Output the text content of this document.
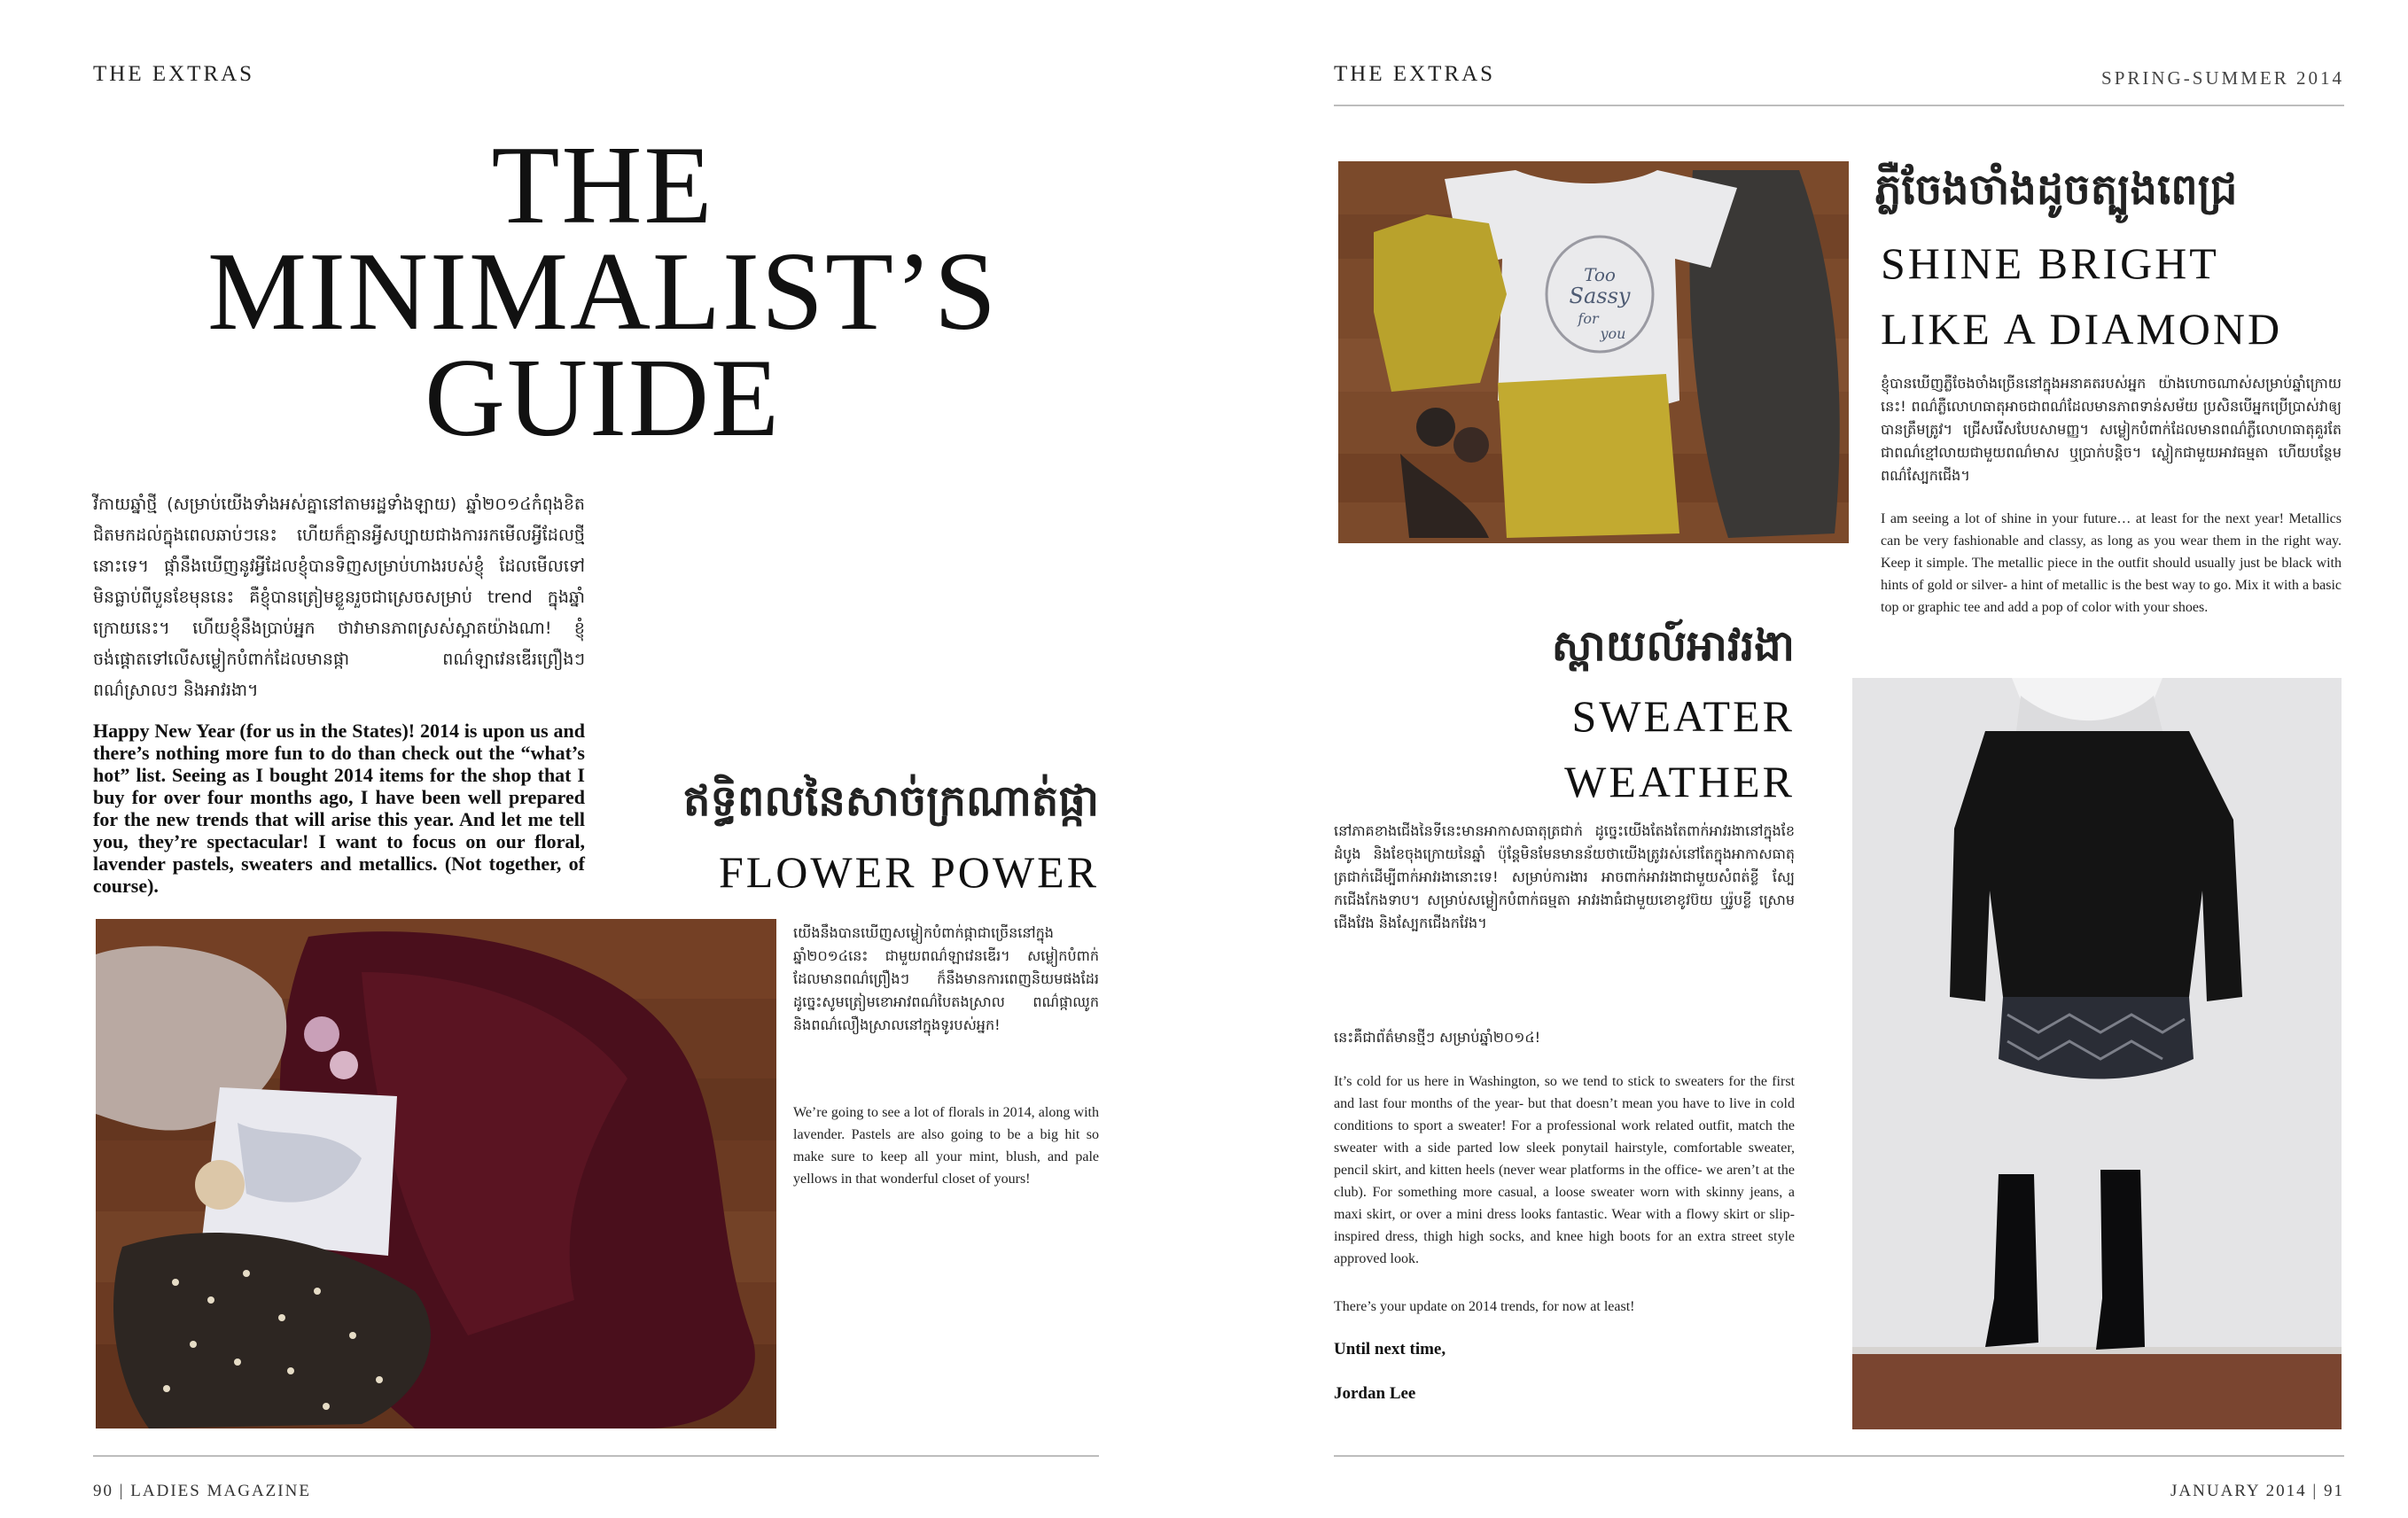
THE EXTRAS
THE
MINIMALIST’S
GUIDE
វីកាយឆ្នាំថ្មី (សម្រាប់យើងទាំងអស់គ្នានៅតាមរដ្ឋទាំងឡាយ) ឆ្នាំ២០១៤កំពុងខិតជិតមកដល់ក្នុងពេលឆាប់ៗនេះ ហើយក៏គ្មានអ្វីសប្បាយជាងការរកមើលអ្វីដែលថ្មីនោះទេ។ ផ្កាំនឹងឃើញនូវអ្វីដែលខ្ញុំបានទិញសម្រាប់ហាងរបស់ខ្ញុំ ដែលមើលទៅមិនធ្លាប់ពីបួនខែមុននេះ គឺខ្ញុំបានត្រៀមខ្លួនរួចជាស្រេចសម្រាប់ trend ក្នុងឆ្នាំក្រោយនេះ។ ហើយខ្ញុំនឹងប្រាប់អ្នក ថាវាមានភាពស្រស់ស្អាតយ៉ាងណា! ខ្ញុំចង់ផ្តោតទៅលើសម្លៀកបំពាក់ដែលមានផ្កា ពណ៌ឡាវេនឌើរព្រឿងៗ ពណ៌ស្រាលៗ និងអាវរងា។
Happy New Year (for us in the States)! 2014 is upon us and there’s nothing more fun to do than check out the “what’s hot” list. Seeing as I bought 2014 items for the shop that I buy for over four months ago, I have been well prepared for the new trends that will arise this year. And let me tell you, they’re spectacular! I want to focus on our floral, lavender pastels, sweaters and metallics. (Not together, of course).
ឥទ្ធិពលនៃសាច់ក្រណាត់ផ្កា
FLOWER POWER
យើងនឹងបានឃើញសម្លៀកបំពាក់ផ្កាជាច្រើននៅក្នុងឆ្នាំ២០១៤នេះ ជាមួយពណ៌ឡាវេនឌើរ។ សម្លៀកបំពាក់ដែលមានពណ៌ព្រឿងៗ ក៏នឹងមានការពេញនិយមផងដែរ ដូច្នេះសូមត្រៀមខោអាវពណ៌បៃតងស្រាល ពណ៌ផ្កាឈូក និងពណ៌លឿងស្រាលនៅក្នុងទូរបស់អ្នក!
We’re going to see a lot of florals in 2014, along with lavender. Pastels are also going to be a big hit so make sure to keep all your mint, blush, and pale yellows in that wonderful closet of yours!
90 | LADIES MAGAZINE
THE EXTRAS	SPRING-SUMMER 2014
Too
Sassy
for
you
ភ្លឺចែងចាំងដូចត្បូងពេជ្រ
SHINE BRIGHT
LIKE A DIAMOND
ខ្ញុំបានឃើញភ្លឺចែងចាំងច្រើននៅក្នុងអនាគតរបស់អ្នក យ៉ាងហោចណាស់សម្រាប់ឆ្នាំក្រោយនេះ! ពណ៌ភ្លឺលោហធាតុអាចជាពណ៌ដែលមានភាពទាន់សម័យ ប្រសិនបើអ្នកប្រើប្រាស់វាឲ្យបានត្រឹមត្រូវ។ ជ្រើសរើសបែបសាមញ្ញ។ សម្លៀកបំពាក់ដែលមានពណ៌ភ្លឺលោហធាតុគួរតែជាពណ៌ខ្មៅលាយជាមួយពណ៌មាស ឬប្រាក់បន្តិច។ ស្លៀកជាមួយអាវធម្មតា ហើយបន្ថែមពណ៌ស្បែកជើង។
I am seeing a lot of shine in your future… at least for the next year! Metallics can be very fashionable and classy, as long as you wear them in the right way. Keep it simple. The metallic piece in the outfit should usually just be black with hints of gold or silver- a hint of metallic is the best way to go. Mix it with a basic top or graphic tee and add a pop of color with your shoes.
ស្ពាយល៍អាវរងា
SWEATER
WEATHER
នៅភាគខាងជើងនៃទីនេះមានអាកាសធាតុត្រជាក់ ដូច្នេះយើងតែងតែពាក់អាវរងានៅក្នុងខែដំបូង និងខែចុងក្រោយនៃឆ្នាំ ប៉ុន្តែមិនមែនមានន័យថាយើងត្រូវរស់នៅតែក្នុងអាកាសធាតុត្រជាក់ដើម្បីពាក់អាវរងានោះទេ! សម្រាប់ការងារ អាចពាក់អាវរងាជាមួយសំពត់ខ្លី ស្បែកជើងកែងទាប។ សម្រាប់សម្លៀកបំពាក់ធម្មតា អាវរងាធំជាមួយខោខូវប៊យ ឬរ៉ូបខ្លី ស្រោមជើងវែង និងស្បែកជើងកវែង។
នេះគឺជាព័ត៌មានថ្មីៗ សម្រាប់ឆ្នាំ២០១៤!
It’s cold for us here in Washington, so we tend to stick to sweaters for the first and last four months of the year- but that doesn’t mean you have to live in cold conditions to sport a sweater! For a professional work related outfit, match the sweater with a side parted low sleek ponytail hairstyle, comfortable sweater, pencil skirt, and kitten heels (never wear platforms in the office- we aren’t at the club). For something more casual, a loose sweater worn with skinny jeans, a maxi skirt, or over a mini dress looks fantastic. Wear with a flowy skirt or slip-inspired dress, thigh high socks, and knee high boots for an extra street style approved look.
There’s your update on 2014 trends, for now at least!
Until next time,
Jordan Lee
JANUARY 2014 | 91
